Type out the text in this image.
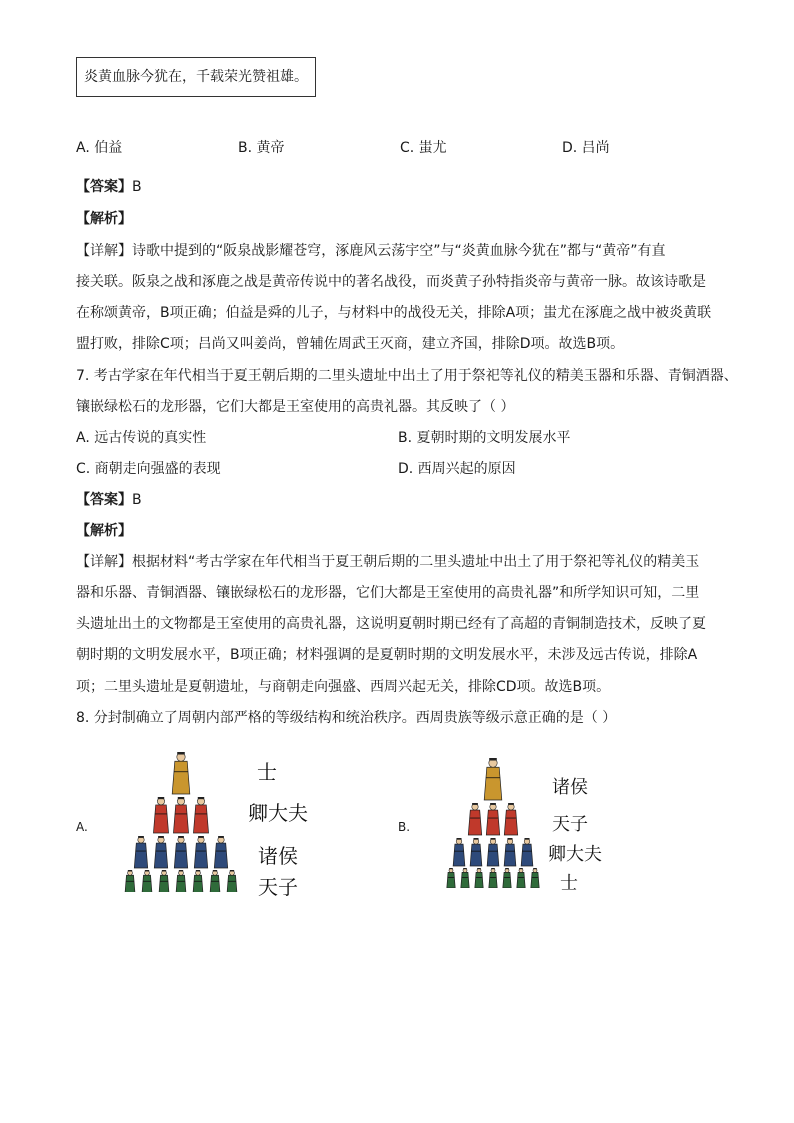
炎黄血脉今犹在，千载荣光赞祖雄。
A. 伯益	B. 黄帝	C. 蚩尤	D. 吕尚
【答案】B
【解析】
【详解】诗歌中提到的“阪泉战影耀苍穹，涿鹿风云荡宇空”与“炎黄血脉今犹在”都与“黄帝”有直
接关联。阪泉之战和涿鹿之战是黄帝传说中的著名战役，而炎黄子孙特指炎帝与黄帝一脉。故该诗歌是
在称颂黄帝，B项正确；伯益是舜的儿子，与材料中的战役无关，排除A项；蚩尤在涿鹿之战中被炎黄联
盟打败，排除C项；吕尚又叫姜尚，曾辅佐周武王灭商，建立齐国，排除D项。故选B项。
7. 考古学家在年代相当于夏王朝后期的二里头遗址中出土了用于祭祀等礼仪的精美玉器和乐器、青铜酒器、
镶嵌绿松石的龙形器，它们大都是王室使用的高贵礼器。其反映了（ ）
A. 远古传说的真实性	B. 夏朝时期的文明发展水平
C. 商朝走向强盛的表现	D. 西周兴起的原因
【答案】B
【解析】
【详解】根据材料“考古学家在年代相当于夏王朝后期的二里头遗址中出土了用于祭祀等礼仪的精美玉
器和乐器、青铜酒器、镶嵌绿松石的龙形器，它们大都是王室使用的高贵礼器”和所学知识可知，二里
头遗址出土的文物都是王室使用的高贵礼器，这说明夏朝时期已经有了高超的青铜制造技术，反映了夏
朝时期的文明发展水平，B项正确；材料强调的是夏朝时期的文明发展水平，未涉及远古传说，排除A
项；二里头遗址是夏朝遗址，与商朝走向强盛、西周兴起无关，排除CD项。故选B项。
8. 分封制确立了周朝内部严格的等级结构和统治秩序。西周贵族等级示意正确的是（ ）
A.
士
卿大夫
诸侯
天子
B.
诸侯
天子
卿大夫
士
